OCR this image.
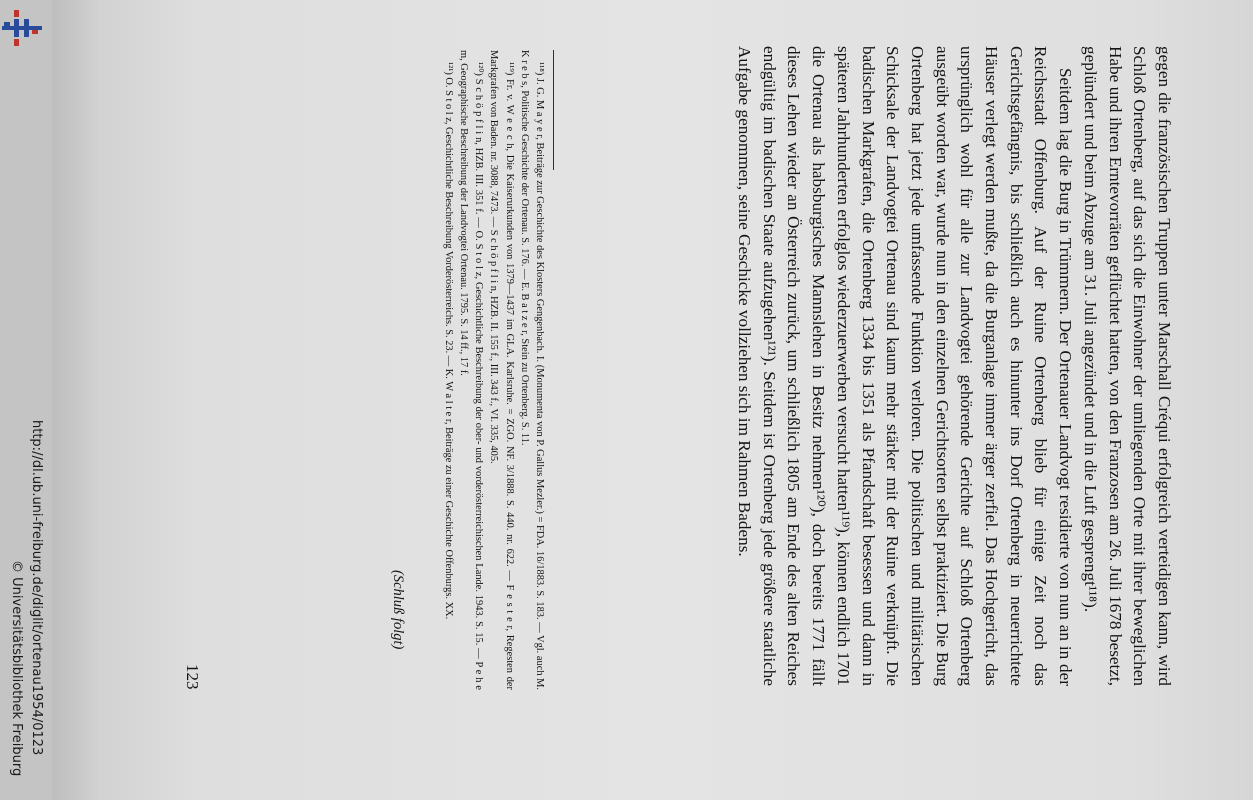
http://dl.ub.uni-freiburg.de/diglit/ortenau1954/0123
© Universitätsbibliothek Freiburg	gegen die französischen Truppen unter Marschall Créqui erfolgreich verteidigen kann, wird Schloß Ortenberg, auf das sich die Einwohner der umliegenden Orte mit ihrer beweglichen Habe und ihren Erntevorräten geflüchtet hatten, von den Franzosen am 26. Juli 1678 besetzt, geplündert und beim Abzuge am 31. Juli angezündet und in die Luft gesprengt¹¹⁸).

Seitdem lag die Burg in Trümmern. Der Ortenauer Landvogt residierte von nun an in der Reichsstadt Offenburg. Auf der Ruine Ortenberg blieb für einige Zeit noch das Gerichtsgefängnis, bis schließlich auch es hinunter ins Dorf Ortenberg in neuerrichtete Häuser verlegt werden mußte, da die Burganlage immer ärger zerfiel. Das Hochgericht, das ursprünglich wohl für alle zur Landvogtei gehörende Gerichte auf Schloß Ortenberg ausgeübt worden war, wurde nun in den einzelnen Gerichtsorten selbst praktiziert. Die Burg Ortenberg hat jetzt jede umfassende Funktion verloren. Die politischen und militärischen Schicksale der Landvogtei Ortenau sind kaum mehr stärker mit der Ruine verknüpft. Die badischen Markgrafen, die Ortenberg 1334 bis 1351 als Pfandschaft besessen und dann in späteren Jahrhunderten erfolglos wiederzuerwerben versucht hatten¹¹⁹), können endlich 1701 die Ortenau als habsburgisches Mannslehen in Besitz nehmen¹²⁰), doch bereits 1771 fällt dieses Lehen wieder an Österreich zurück, um schließlich 1805 am Ende des alten Reiches endgültig im badischen Staate aufzugehen¹²¹). Seitdem ist Ortenberg jede größere staatliche Aufgabe genommen, seine Geschicke vollziehen sich im Rahmen Badens.

¹¹⁸) J. G. M a y e r, Beiträge zur Geschichte des Klosters Gengenbach. I. (Monumenta von P. Gallus Mezler.) = FDA. 16/1883. S. 183. — Vgl. auch M. K r e b s, Politische Geschichte der Ortenau. S. 176. — E. B a t z e r, Stein zu Ortenberg. S. 11.

¹¹⁹) Fr. v. W e e c h, Die Kaiserurkunden von 1379—1437 im GLA. Karlsruhe. = ZGO. NF. 3/1888. S. 440. nr. 622. — F e s t e r, Regesten der Markgrafen von Baden. nr. 3088, 7473. — S c h ö p f l i n, HZB. II. 155 f., III. 343 f., VI. 335, 405.

¹²⁰) S c h ö p f l i n, HZB. III. 351 f. — O. S t o l z, Geschichtliche Beschreibung der ober- und vorderösterreichischen Lande. 1943. S. 15. — P e h e m, Geographische Beschreibung der Landvogtei Ortenau. 1795. S. 14 ff., 17 f.

¹²¹) O. S t o l z, Geschichtliche Beschreibung Vorderösterreichs. S. 23. — K. W a l t e r, Beiträge zu einer Geschichte Offenburgs. XX.

(Schluß folgt)
123
